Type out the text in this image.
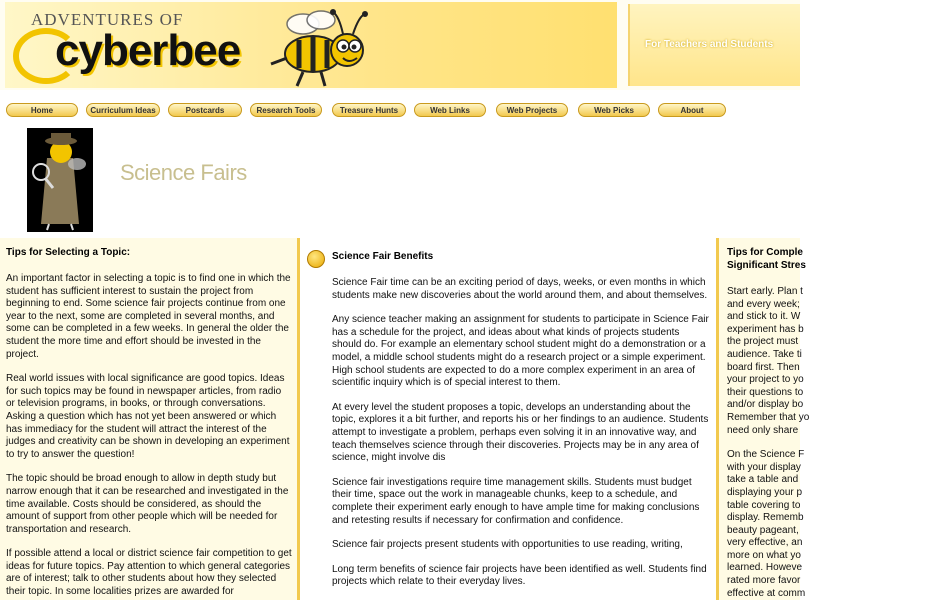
ADVENTURES OF
cyberbee	For Teachers and Students
Home	Curriculum Ideas	Postcards	Research Tools	Treasure Hunts	Web Links	Web Projects	Web Picks	About
Science Fairs
Tips for Selecting a Topic:

An important factor in selecting a topic is to find one in which the student has sufficient interest to sustain the project from beginning to end. Some science fair projects continue from one year to the next, some are completed in several months, and some can be completed in a few weeks. In general the older the student the more time and effort should be invested in the project.

Real world issues with local significance are good topics. Ideas for such topics may be found in newspaper articles, from radio or television programs, in books, or through conversations. Asking a question which has not yet been answered or which has immediacy for the student will attract the interest of the judges and creativity can be shown in developing an experiment to try to answer the question!

The topic should be broad enough to allow in depth study but narrow enough that it can be researched and investigated in the time available. Costs should be considered, as should the amount of support from other people which will be needed for transportation and research.

If possible attend a local or district science fair competition to get ideas for future topics. Pay attention to which general categories are of interest; talk to other students about how they selected their topic. In some localities prizes are awarded for

Science Fair Benefits

Science Fair time can be an exciting period of days, weeks, or even months in which students make new discoveries about the world around them, and about themselves.

Any science teacher making an assignment for students to participate in Science Fair has a schedule for the project, and ideas about what kinds of projects students should do. For example an elementary school student might do a demonstration or a model, a middle school students might do a research project or a simple experiment. High school students are expected to do a more complex experiment in an area of scientific inquiry which is of special interest to them.

At every level the student proposes a topic, develops an understanding about the topic, explores it a bit further, and reports his or her findings to an audience. Students attempt to investigate a problem, perhaps even solving it in an innovative way, and teach themselves science through their discoveries. Projects may be in any area of science, might involve dis

Science fair investigations require time management skills. Students must budget their time, space out the work in manageable chunks, keep to a schedule, and complete their experiment early enough to have ample time for making conclusions and retesting results if necessary for confirmation and confidence.

Science fair projects present students with opportunities to use reading, writing,

Long term benefits of science fair projects have been identified as well. Students find projects which relate to their everyday lives.

Tips for Comple
Significant Stres

Start early. Plan t
and every week;
and stick to it. W
experiment has b
the project must
audience. Take ti
board first. Then
your project to yo
their questions to
and/or display bo
Remember that yo
need only share

On the Science F
with your display
take a table and
displaying your p
table covering to
display. Rememb
beauty pageant,
very effective, an
more on what yo
learned. Howeve
rated more favor
effective at comm
